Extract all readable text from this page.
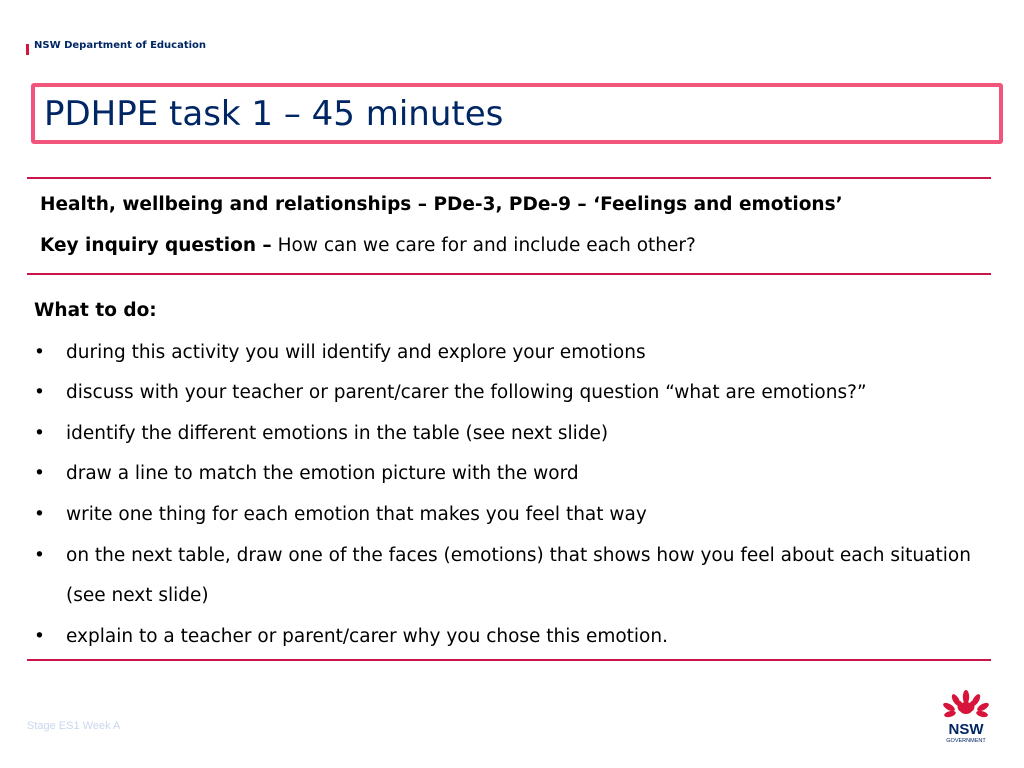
NSW Department of Education
PDHPE task 1 – 45 minutes
Health, wellbeing and relationships – PDe-3, PDe-9 – ‘Feelings and emotions’
Key inquiry question – How can we care for and include each other?
What to do:
• during this activity you will identify and explore your emotions
• discuss with your teacher or parent/carer the following question “what are emotions?”
• identify the different emotions in the table (see next slide)
• draw a line to match the emotion picture with the word
• write one thing for each emotion that makes you feel that way
• on the next table, draw one of the faces (emotions) that shows how you feel about each situation
(see next slide)
• explain to a teacher or parent/carer why you chose this emotion.
Stage ES1 Week A	NSW
GOVERNMENT
